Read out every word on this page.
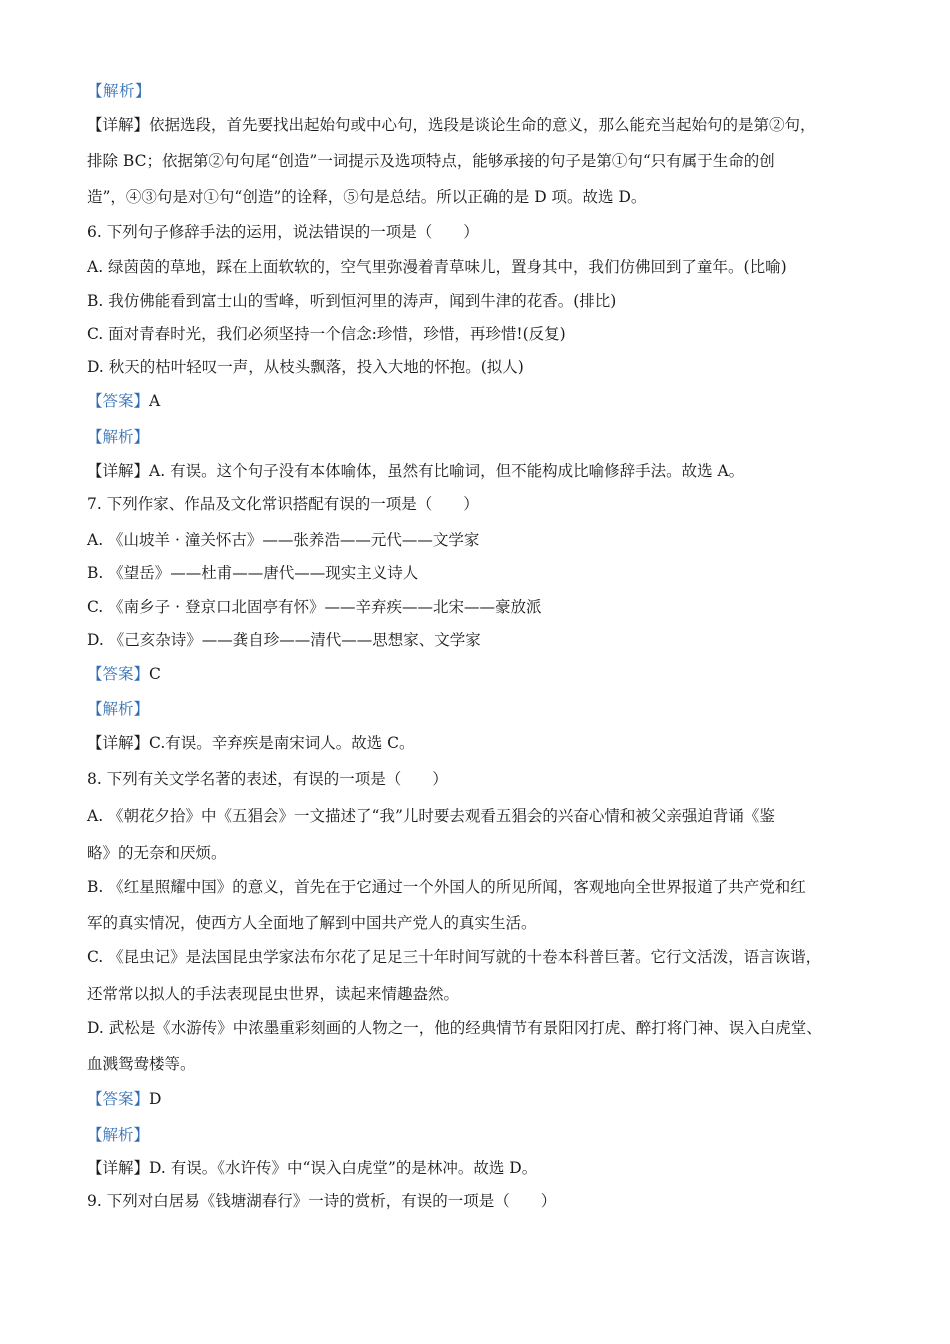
【解析】
【详解】依据选段，首先要找出起始句或中心句，选段是谈论生命的意义，那么能充当起始句的是第②句，
排除 BC；依据第②句句尾“创造”一词提示及选项特点，能够承接的句子是第①句“只有属于生命的创
造”，④③句是对①句“创造”的诠释，⑤句是总结。所以正确的是 D 项。故选 D。
6. 下列句子修辞手法的运用，说法错误的一项是（　　）
A. 绿茵茵的草地，踩在上面软软的，空气里弥漫着青草味儿，置身其中，我们仿佛回到了童年。(比喻)
B. 我仿佛能看到富士山的雪峰，听到恒河里的涛声，闻到牛津的花香。(排比)
C. 面对青春时光，我们必须坚持一个信念:珍惜，珍惜，再珍惜!(反复)
D. 秋天的枯叶轻叹一声，从枝头飘落，投入大地的怀抱。(拟人)
【答案】A
【解析】
【详解】A. 有误。这个句子没有本体喻体，虽然有比喻词，但不能构成比喻修辞手法。故选 A。
7. 下列作家、作品及文化常识搭配有误的一项是（　　）
A. 《山坡羊 · 潼关怀古》——张养浩——元代——文学家
B. 《望岳》——杜甫——唐代——现实主义诗人
C. 《南乡子 · 登京口北固亭有怀》——辛弃疾——北宋——豪放派
D. 《己亥杂诗》——龚自珍——清代——思想家、文学家
【答案】C
【解析】
【详解】C.有误。辛弃疾是南宋词人。故选 C。
8. 下列有关文学名著的表述，有误的一项是（　　）
A. 《朝花夕拾》中《五猖会》一文描述了“我”儿时要去观看五猖会的兴奋心情和被父亲强迫背诵《鉴
略》的无奈和厌烦。
B. 《红星照耀中国》的意义，首先在于它通过一个外国人的所见所闻，客观地向全世界报道了共产党和红
军的真实情况，使西方人全面地了解到中国共产党人的真实生活。
C. 《昆虫记》是法国昆虫学家法布尔花了足足三十年时间写就的十卷本科普巨著。它行文活泼，语言诙谐，
还常常以拟人的手法表现昆虫世界，读起来情趣盎然。
D. 武松是《水游传》中浓墨重彩刻画的人物之一，他的经典情节有景阳冈打虎、醉打将门神、误入白虎堂、
血溅鸳鸯楼等。
【答案】D
【解析】
【详解】D. 有误。《水许传》中“误入白虎堂”的是林冲。故选 D。
9. 下列对白居易《钱塘湖春行》一诗的赏析，有误的一项是（　　）
